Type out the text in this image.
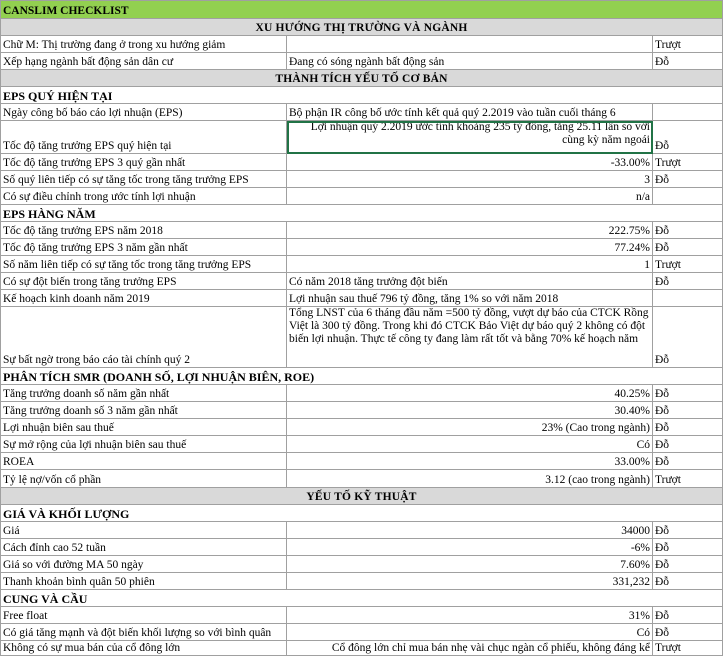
CANSLIM CHECKLIST		
XU HƯỚNG THỊ TRƯỜNG VÀ NGÀNH		
Chữ M: Thị trường đang ở trong xu hướng giảm		Trượt
Xếp hạng ngành bất động sản dân cư	Đang có sóng ngành bất động sản	Đỗ
THÀNH TÍCH YẾU TỐ CƠ BẢN		
EPS QUÝ HIỆN TẠI		
Ngày công bố báo cáo lợi nhuận (EPS)	Bộ phận IR công bố ước tính kết quả quý 2.2019 vào tuần cuối tháng 6	
Tốc độ tăng trưởng EPS quý hiện tại	Lợi nhuận quý 2.2019 ước tính khoảng 235 tỷ đồng, tăng 25.11 lần so với cùng kỳ năm ngoái	Đỗ
Tốc độ tăng trưởng EPS 3 quý gần nhất	-33.00%	Trượt
Số quý liên tiếp có sự tăng tốc trong tăng trưởng EPS	3	Đỗ
Có sự điều chỉnh trong ước tính lợi nhuận	n/a	
EPS HÀNG NĂM		
Tốc độ tăng trưởng EPS năm 2018	222.75%	Đỗ
Tốc độ tăng trưởng EPS 3 năm gần nhất	77.24%	Đỗ
Số năm liên tiếp có sự tăng tốc trong tăng trưởng EPS	1	Trượt
Có sự đột biến trong tăng trưởng EPS	Có năm 2018 tăng trưởng đột biến	Đỗ
Kế hoạch kinh doanh năm 2019	Lợi nhuận sau thuế 796 tỷ đồng, tăng 1% so với năm 2018	
Sự bất ngờ trong báo cáo tài chính quý 2	Tổng LNST của 6 tháng đầu năm =500 tỷ đồng, vượt dự báo của CTCK Rồng Việt là 300 tỷ đồng. Trong khi đó CTCK Bảo Việt dự báo quý 2 không có đột biến lợi nhuận. Thực tế công ty đang làm rất tốt và bằng 70% kế hoạch năm	Đỗ
PHÂN TÍCH SMR (DOANH SỐ, LỢI NHUẬN BIÊN, ROE)		
Tăng trưởng doanh số năm gần nhất	40.25%	Đỗ
Tăng trưởng doanh số 3 năm gần nhất	30.40%	Đỗ
Lợi nhuận biên sau thuế	23% (Cao trong ngành)	Đỗ
Sự mở rộng của lợi nhuận biên sau thuế	Có	Đỗ
ROEA	33.00%	Đỗ
Tỷ lệ nợ/vốn cổ phần	3.12 (cao trong ngành)	Trượt
YẾU TỐ KỸ THUẬT		
GIÁ VÀ KHỐI LƯỢNG		
Giá	34000	Đỗ
Cách đỉnh cao 52 tuần	-6%	Đỗ
Giá so với đường MA 50 ngày	7.60%	Đỗ
Thanh khoản bình quân 50 phiên	331,232	Đỗ
CUNG VÀ CẦU		
Free float	31%	Đỗ
Có giá tăng mạnh và đột biến khối lượng so với bình quân	Có	Đỗ
Không có sự mua bán của cổ đông lớn	Cổ đông lớn chỉ mua bán nhẹ vài chục ngàn cổ phiếu, không đáng kể	Trượt
